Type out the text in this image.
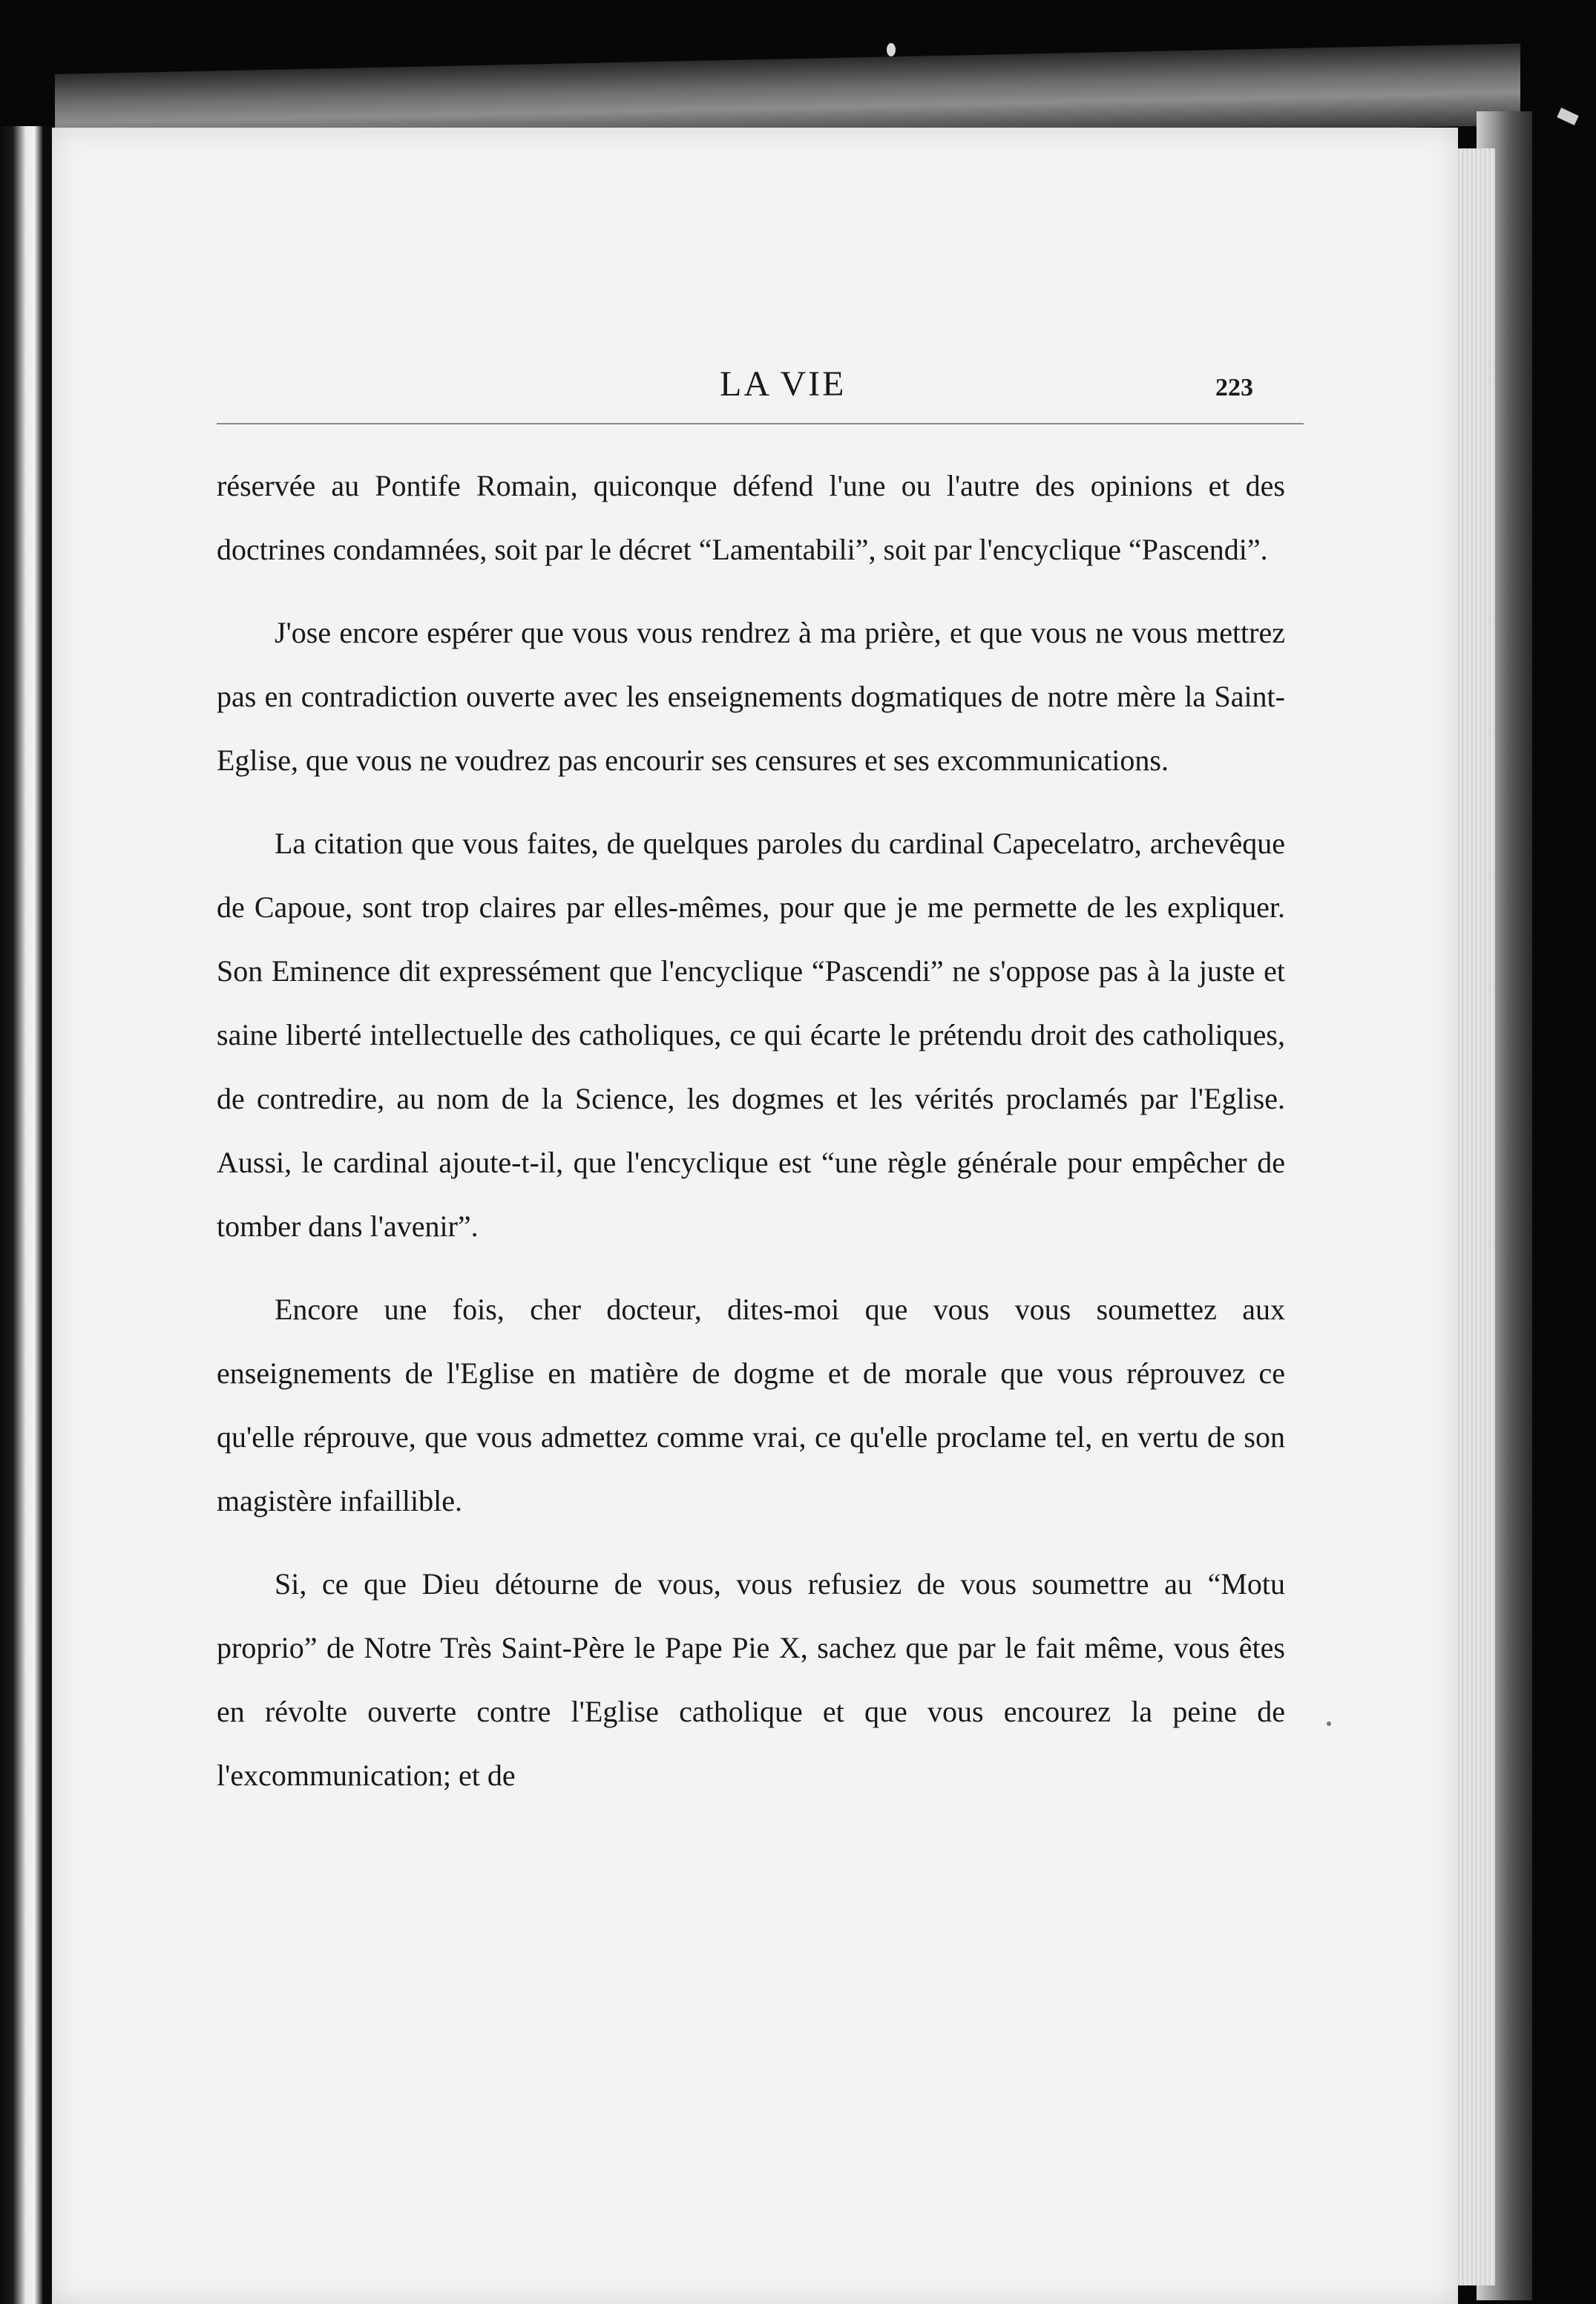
LA VIE	223

réservée au Pontife Romain, quiconque défend l'une ou l'autre des opinions et des doctrines condamnées, soit par le décret “Lamentabili”, soit par l'encyclique “Pascendi”.

J'ose encore espérer que vous vous rendrez à ma prière, et que vous ne vous mettrez pas en contradiction ouverte avec les enseignements dogmatiques de notre mère la Saint-Eglise, que vous ne voudrez pas encourir ses censures et ses excommunications.

La citation que vous faites, de quelques paroles du cardinal Capecelatro, archevêque de Capoue, sont trop claires par elles-mêmes, pour que je me permette de les expliquer. Son Eminence dit expressément que l'encyclique “Pascendi” ne s'oppose pas à la juste et saine liberté intellectuelle des catholiques, ce qui écarte le prétendu droit des catholiques, de contredire, au nom de la Science, les dogmes et les vérités proclamés par l'Eglise. Aussi, le cardinal ajoute-t-il, que l'encyclique est “une règle générale pour empêcher de tomber dans l'avenir”.

Encore une fois, cher docteur, dites-moi que vous vous soumettez aux enseignements de l'Eglise en matière de dogme et de morale que vous réprouvez ce qu'elle réprouve, que vous admettez comme vrai, ce qu'elle proclame tel, en vertu de son magistère infaillible.

Si, ce que Dieu détourne de vous, vous refusiez de vous soumettre au “Motu proprio” de Notre Très Saint-Père le Pape Pie X, sachez que par le fait même, vous êtes en révolte ouverte contre l'Eglise catholique et que vous encourez la peine de l'excommunication; et de
